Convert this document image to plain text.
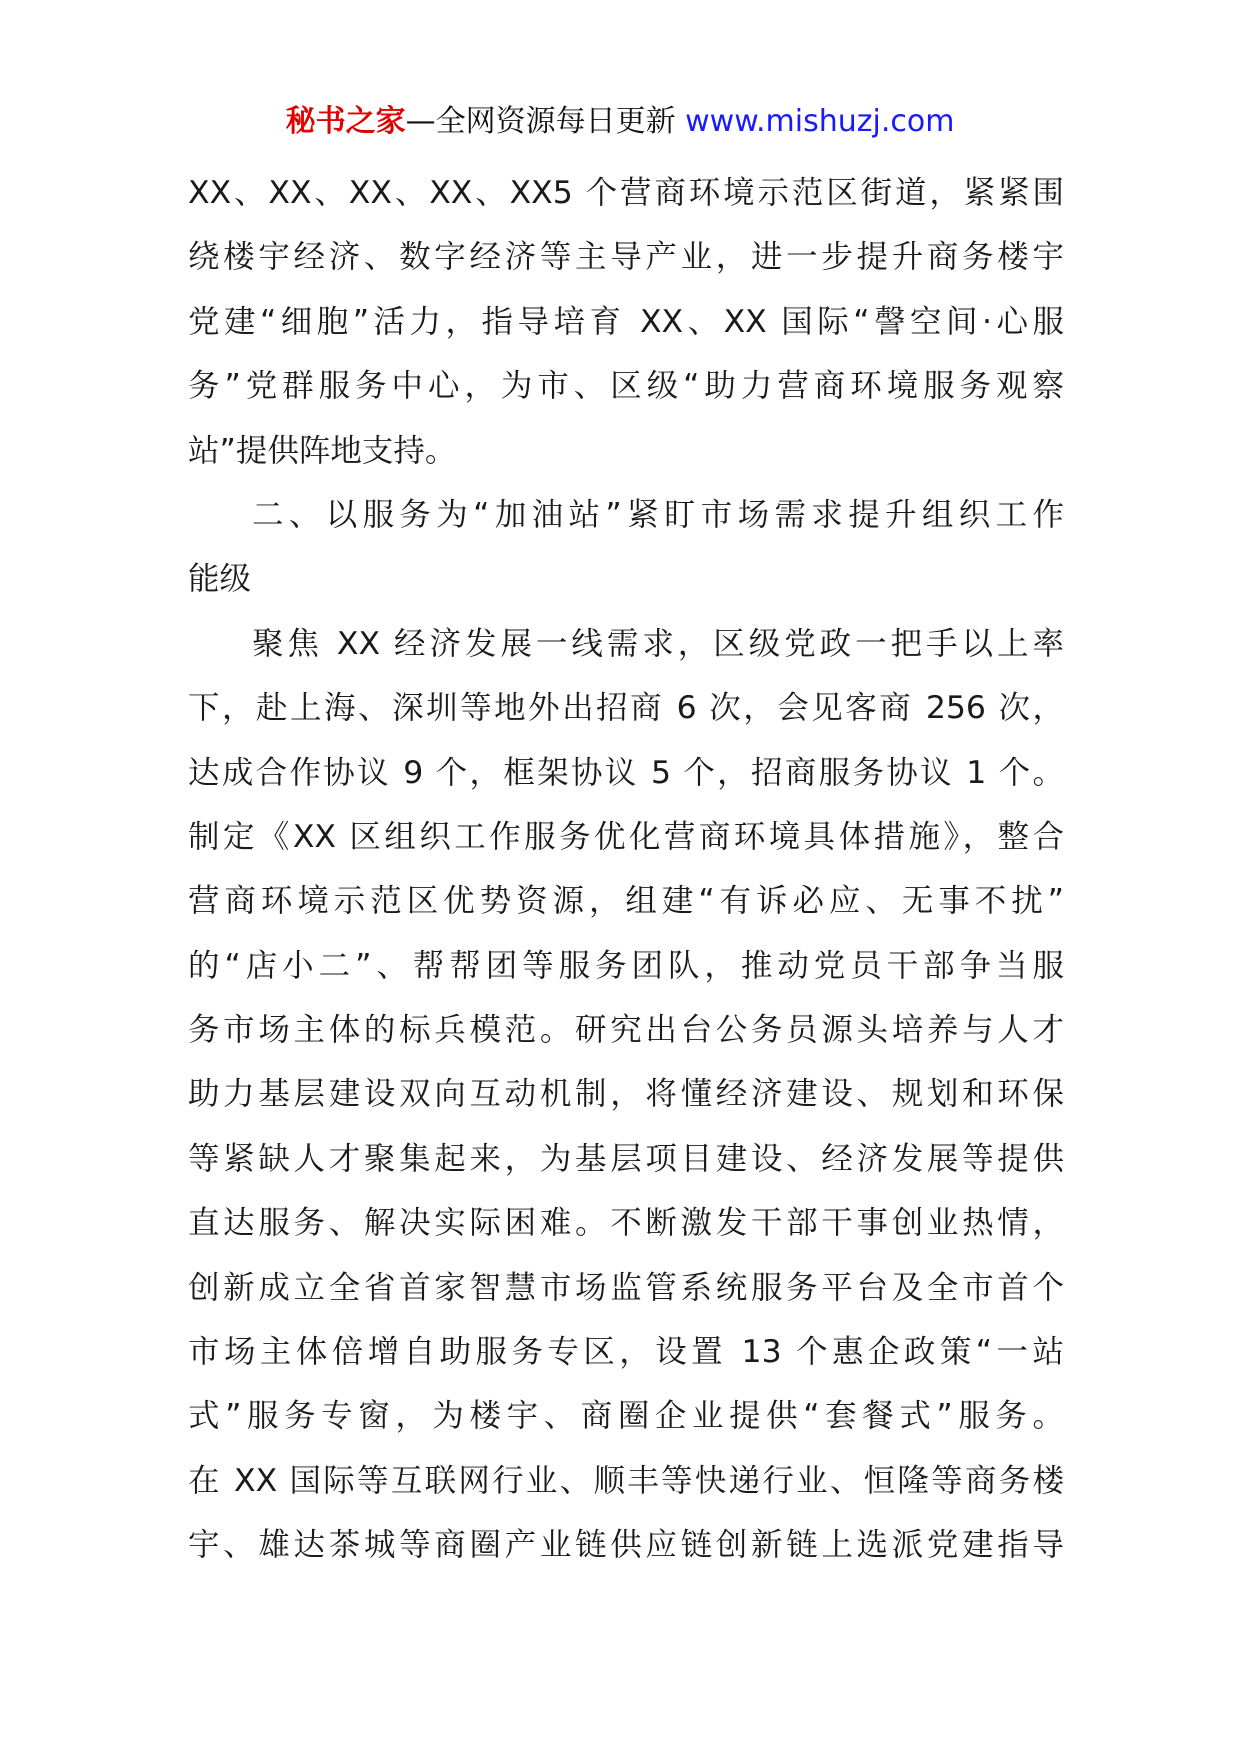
秘书之家—全网资源每日更新 www.mishuzj.com
XX、XX、XX、XX、XX5 个营商环境示范区街道，紧紧围
绕楼宇经济、数字经济等主导产业，进一步提升商务楼宇
党建“细胞”活力，指导培育 XX、XX 国际“謦空间·心服
务”党群服务中心，为市、区级“助力营商环境服务观察
站”提供阵地支持。
二、以服务为“加油站”紧盯市场需求提升组织工作
能级
聚焦 XX 经济发展一线需求，区级党政一把手以上率
下，赴上海、深圳等地外出招商 6 次，会见客商 256 次，
达成合作协议 9 个，框架协议 5 个，招商服务协议 1 个。
制定《XX 区组织工作服务优化营商环境具体措施》，整合
营商环境示范区优势资源，组建“有诉必应、无事不扰”
的“店小二”、帮帮团等服务团队，推动党员干部争当服
务市场主体的标兵模范。研究出台公务员源头培养与人才
助力基层建设双向互动机制，将懂经济建设、规划和环保
等紧缺人才聚集起来，为基层项目建设、经济发展等提供
直达服务、解决实际困难。不断激发干部干事创业热情，
创新成立全省首家智慧市场监管系统服务平台及全市首个
市场主体倍增自助服务专区，设置 13 个惠企政策“一站
式”服务专窗，为楼宇、商圈企业提供“套餐式”服务。
在 XX 国际等互联网行业、顺丰等快递行业、恒隆等商务楼
宇、雄达茶城等商圈产业链供应链创新链上选派党建指导
